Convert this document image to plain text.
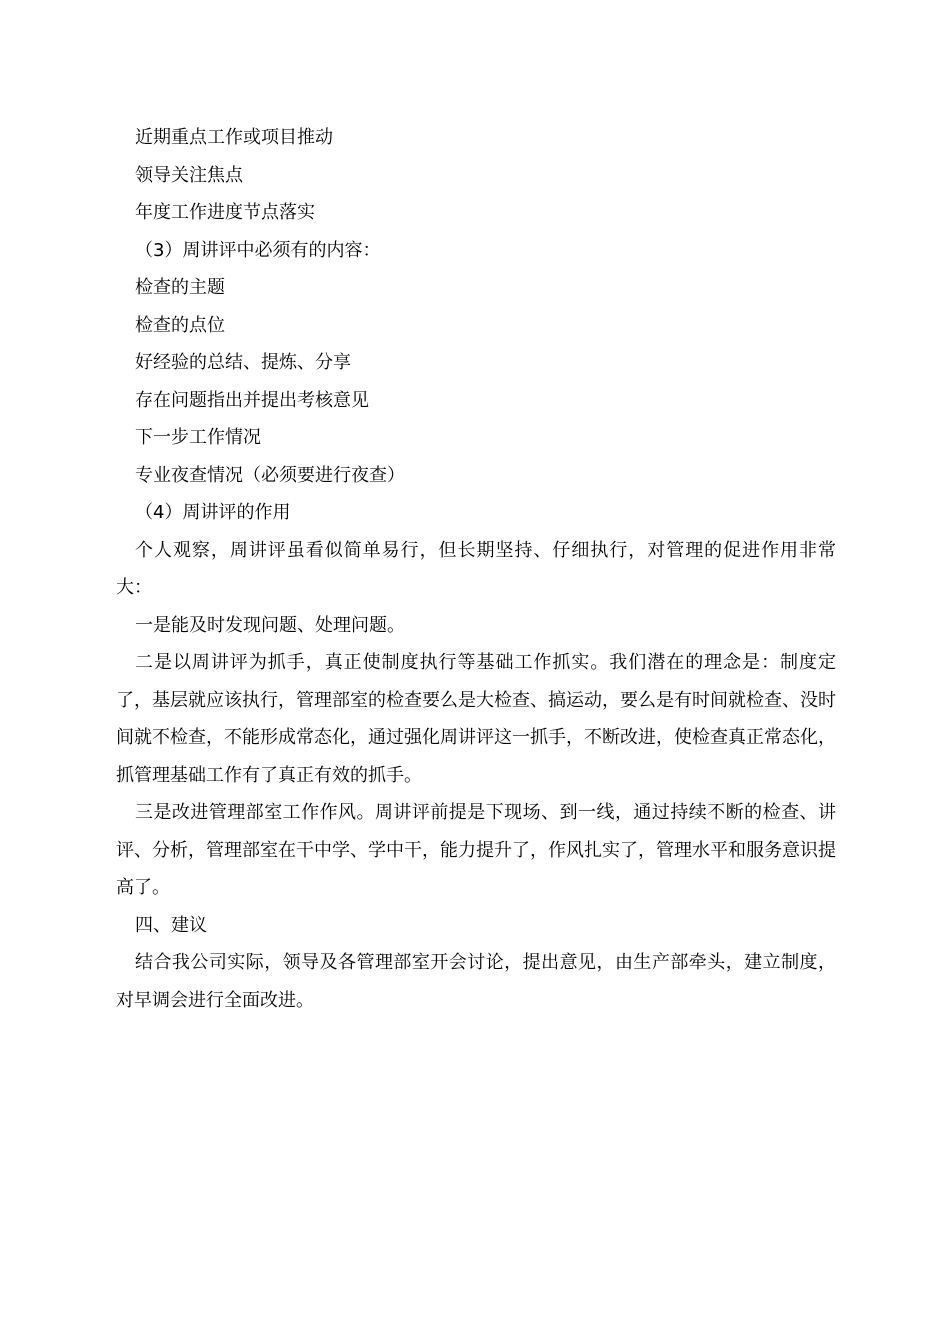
近期重点工作或项目推动

领导关注焦点

年度工作进度节点落实

（3）周讲评中必须有的内容：

检查的主题

检查的点位

好经验的总结、提炼、分享

存在问题指出并提出考核意见

下一步工作情况

专业夜查情况（必须要进行夜查）

（4）周讲评的作用

个人观察，周讲评虽看似简单易行，但长期坚持、仔细执行，对管理的促进作用非常大：

一是能及时发现问题、处理问题。

二是以周讲评为抓手，真正使制度执行等基础工作抓实。我们潜在的理念是：制度定了，基层就应该执行，管理部室的检查要么是大检查、搞运动，要么是有时间就检查、没时间就不检查，不能形成常态化，通过强化周讲评这一抓手，不断改进，使检查真正常态化，抓管理基础工作有了真正有效的抓手。

三是改进管理部室工作作风。周讲评前提是下现场、到一线，通过持续不断的检查、讲评、分析，管理部室在干中学、学中干，能力提升了，作风扎实了，管理水平和服务意识提高了。

四、建议

结合我公司实际，领导及各管理部室开会讨论，提出意见，由生产部牵头，建立制度，对早调会进行全面改进。
